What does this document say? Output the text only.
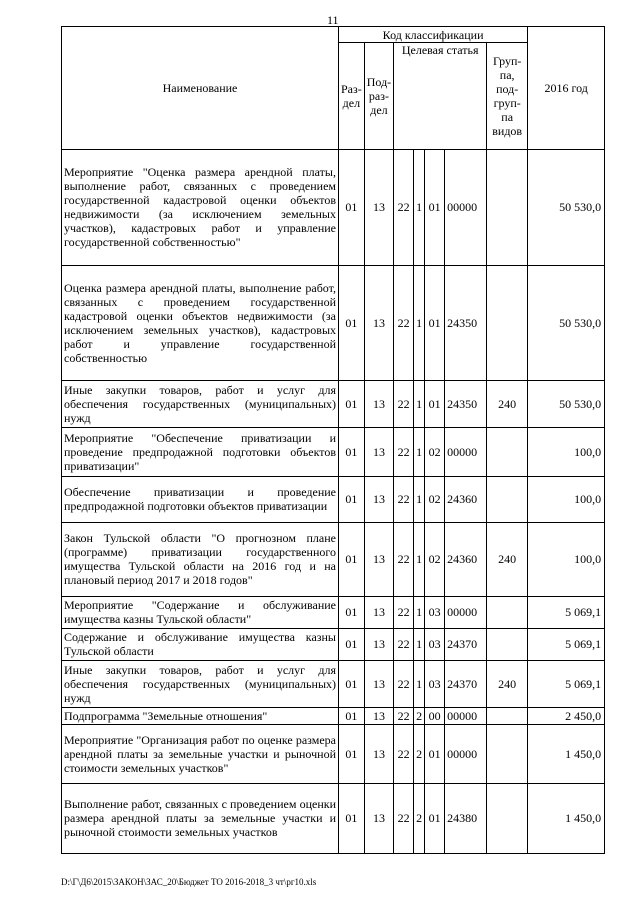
11
Наименование	Код классификации							2016 год
	Раз-дел	Под-раз-дел	Целевая статья				Груп-па, под-груп-па видов	

Мероприятие "Оценка размера арендной платы, выполнение работ, связанных с проведением государственной кадастровой оценки объектов недвижимости (за исключением земельных участков), кадастровых работ и управление государственной собственностью"	01	13	22	1	01	00000		50 530,0
Оценка размера арендной платы, выполнение работ, связанных с проведением государственной кадастровой оценки объектов недвижимости (за исключением земельных участков), кадастровых работ и управление государственной собственностью	01	13	22	1	01	24350		50 530,0
Иные закупки товаров, работ и услуг для обеспечения государственных (муниципальных) нужд	01	13	22	1	01	24350	240	50 530,0
Мероприятие "Обеспечение приватизации и проведение предпродажной подготовки объектов приватизации"	01	13	22	1	02	00000		100,0
Обеспечение приватизации и проведение предпродажной подготовки объектов приватизации	01	13	22	1	02	24360		100,0
Закон Тульской области "О прогнозном плане (программе) приватизации государственного имущества Тульской области на 2016 год и на плановый период 2017 и 2018 годов"	01	13	22	1	02	24360	240	100,0
Мероприятие "Содержание и обслуживание имущества казны Тульской области"	01	13	22	1	03	00000		5 069,1
Содержание и обслуживание имущества казны Тульской области	01	13	22	1	03	24370		5 069,1
Иные закупки товаров, работ и услуг для обеспечения государственных (муниципальных) нужд	01	13	22	1	03	24370	240	5 069,1
Подпрограмма "Земельные отношения"	01	13	22	2	00	00000		2 450,0
Мероприятие "Организация работ по оценке размера арендной платы за земельные участки и рыночной стоимости земельных участков"	01	13	22	2	01	00000		1 450,0
Выполнение работ, связанных с проведением оценки размера арендной платы за земельные участки и рыночной стоимости земельных участков	01	13	22	2	01	24380		1 450,0
D:\Г\Д6\2015\ЗАКОН\ЗАС_20\Бюджет ТО 2016-2018_3 чт\рг10.xls
